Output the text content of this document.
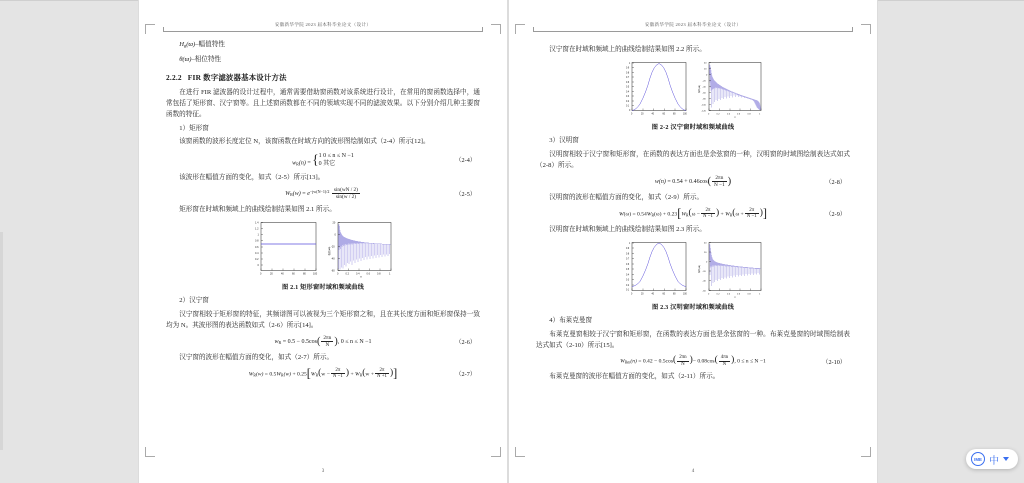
安徽新华学院 2023 届本科毕业论文（设计）

$H_g(ϖ)-$幅值特性

θ(ϖ)–相位特性

2.2.2 FIR 数字滤波器基本设计方法

在进行 FIR 滤波器的设计过程中，通常需要借助窗函数对该系统进行设计，在常用的窗函数选择中，通常包括了矩形窗、汉宁窗等。且上述窗函数都在不同的领域实现不同的滤波效果。以下分别介绍几种主要窗函数的特征。

1）矩形窗

该窗函数的波形长度定位 N，该窗函数在时域方向的波形图绘制如式（2-4）所示[12]。

$w_R(n)$ = { 1 0 ≤ n ≤ N −1
0 其它	（2-4）

该波形在幅值方面的变化，如式（2-5）所示[13]。

$W_R(w) = e^{-jw(N-1)/2} \frac{\sin(wN / 2)}{\sin(w / 2)}$	（2-5）

矩形窗在时域和频域上的曲线绘制结果如图 2.1 所示。

0 20 40 60 80 100
1.4
1.2
1
0.8
0.6
0.4
0.2
0
0 0.2 0.4 0.6 0.8 1
20
0
-20
-40
-60
ω
幅值(dB)
图 2.1 矩形窗时域和频域曲线

2）汉宁窗

汉宁窗相较于矩形窗的特征，其频谱图可以被视为三个矩形窗之和，且在其长度方面和矩形窗保持一致均为 N。其波形图的表达函数如式（2-6）所示[14]。

$w_R = 0.5 - 0.5\cos( \frac{2\pi n}{N}$ ), 0 ≤ n ≤ N −1	（2-6）

汉宁窗的波形在幅值方面的变化，如式（2-7）所示。

$W_R(w) = 0.5W_R(w) + 0.25[W_R(w - \frac{2\pi}{N -1}$ ) + $W_R(w + \frac{2\pi}{N +1}$ )]	（2-7）
3
安徽新华学院 2023 届本科毕业论文（设计）

汉宁窗在时域和频域上的曲线绘制结果如图 2.2 所示。

0 20 40 60 80 100
1
0.9
0.8
0.7
0.6
0.5
0.4
0.3
0.2
0.1
0
0 0.2 0.4 0.6 0.8 1
40
20
0
-20
-40
-60
-80
-100
-120
ω
幅值(dB)
图 2-2 汉宁窗时域和频域曲线

3）汉明窗

汉明窗相较于汉宁窗和矩形窗，在函数的表达方面也是余弦窗的一种，汉明窗的时域图绘制表达式如式（2-8）所示。

$w(n) = 0.54 + 0.46\cos( \frac{2\pi n}{N -1}$ )	（2-8）

汉明窗的波形在幅值方面的变化，如式（2-9）所示。

$W(\omega) = 0.54W_R(\omega) + 0.23[W_R(\omega - \frac{2\pi}{N -1}$ ) + $W_R(\omega + \frac{2\pi}{N -1}$ )]	（2-9）

汉明窗在时域和频域上的曲线绘制结果如图 2.3 所示。

0 20 40 60 80 100
1
0.9
0.8
0.7
0.6
0.5
0.4
0.3
0.2
0.1
0 0.2 0.4 0.6 0.8 1
40
20
0
-20
-40
-60
ω
幅值(dB)
图 2.3 汉明窗时域和频域曲线

4）布莱克曼窗

布莱克曼窗相较于汉宁窗和矩形窗，在函数的表达方面也是余弦窗的一种。布莱克曼窗的时域图绘制表达式如式（2-10）所示[15]。

$W_{Bm}(n) = 0.42 - 0.5\cos( \frac{2\pi n}{N}$ )− $0.08\cos( \frac{4\pi n}{N}$ ), 0 ≤ n ≤ N −1	（2-10）

布莱克曼窗的波形在幅值方面的变化，如式（2-11）所示。

4
IME 中
